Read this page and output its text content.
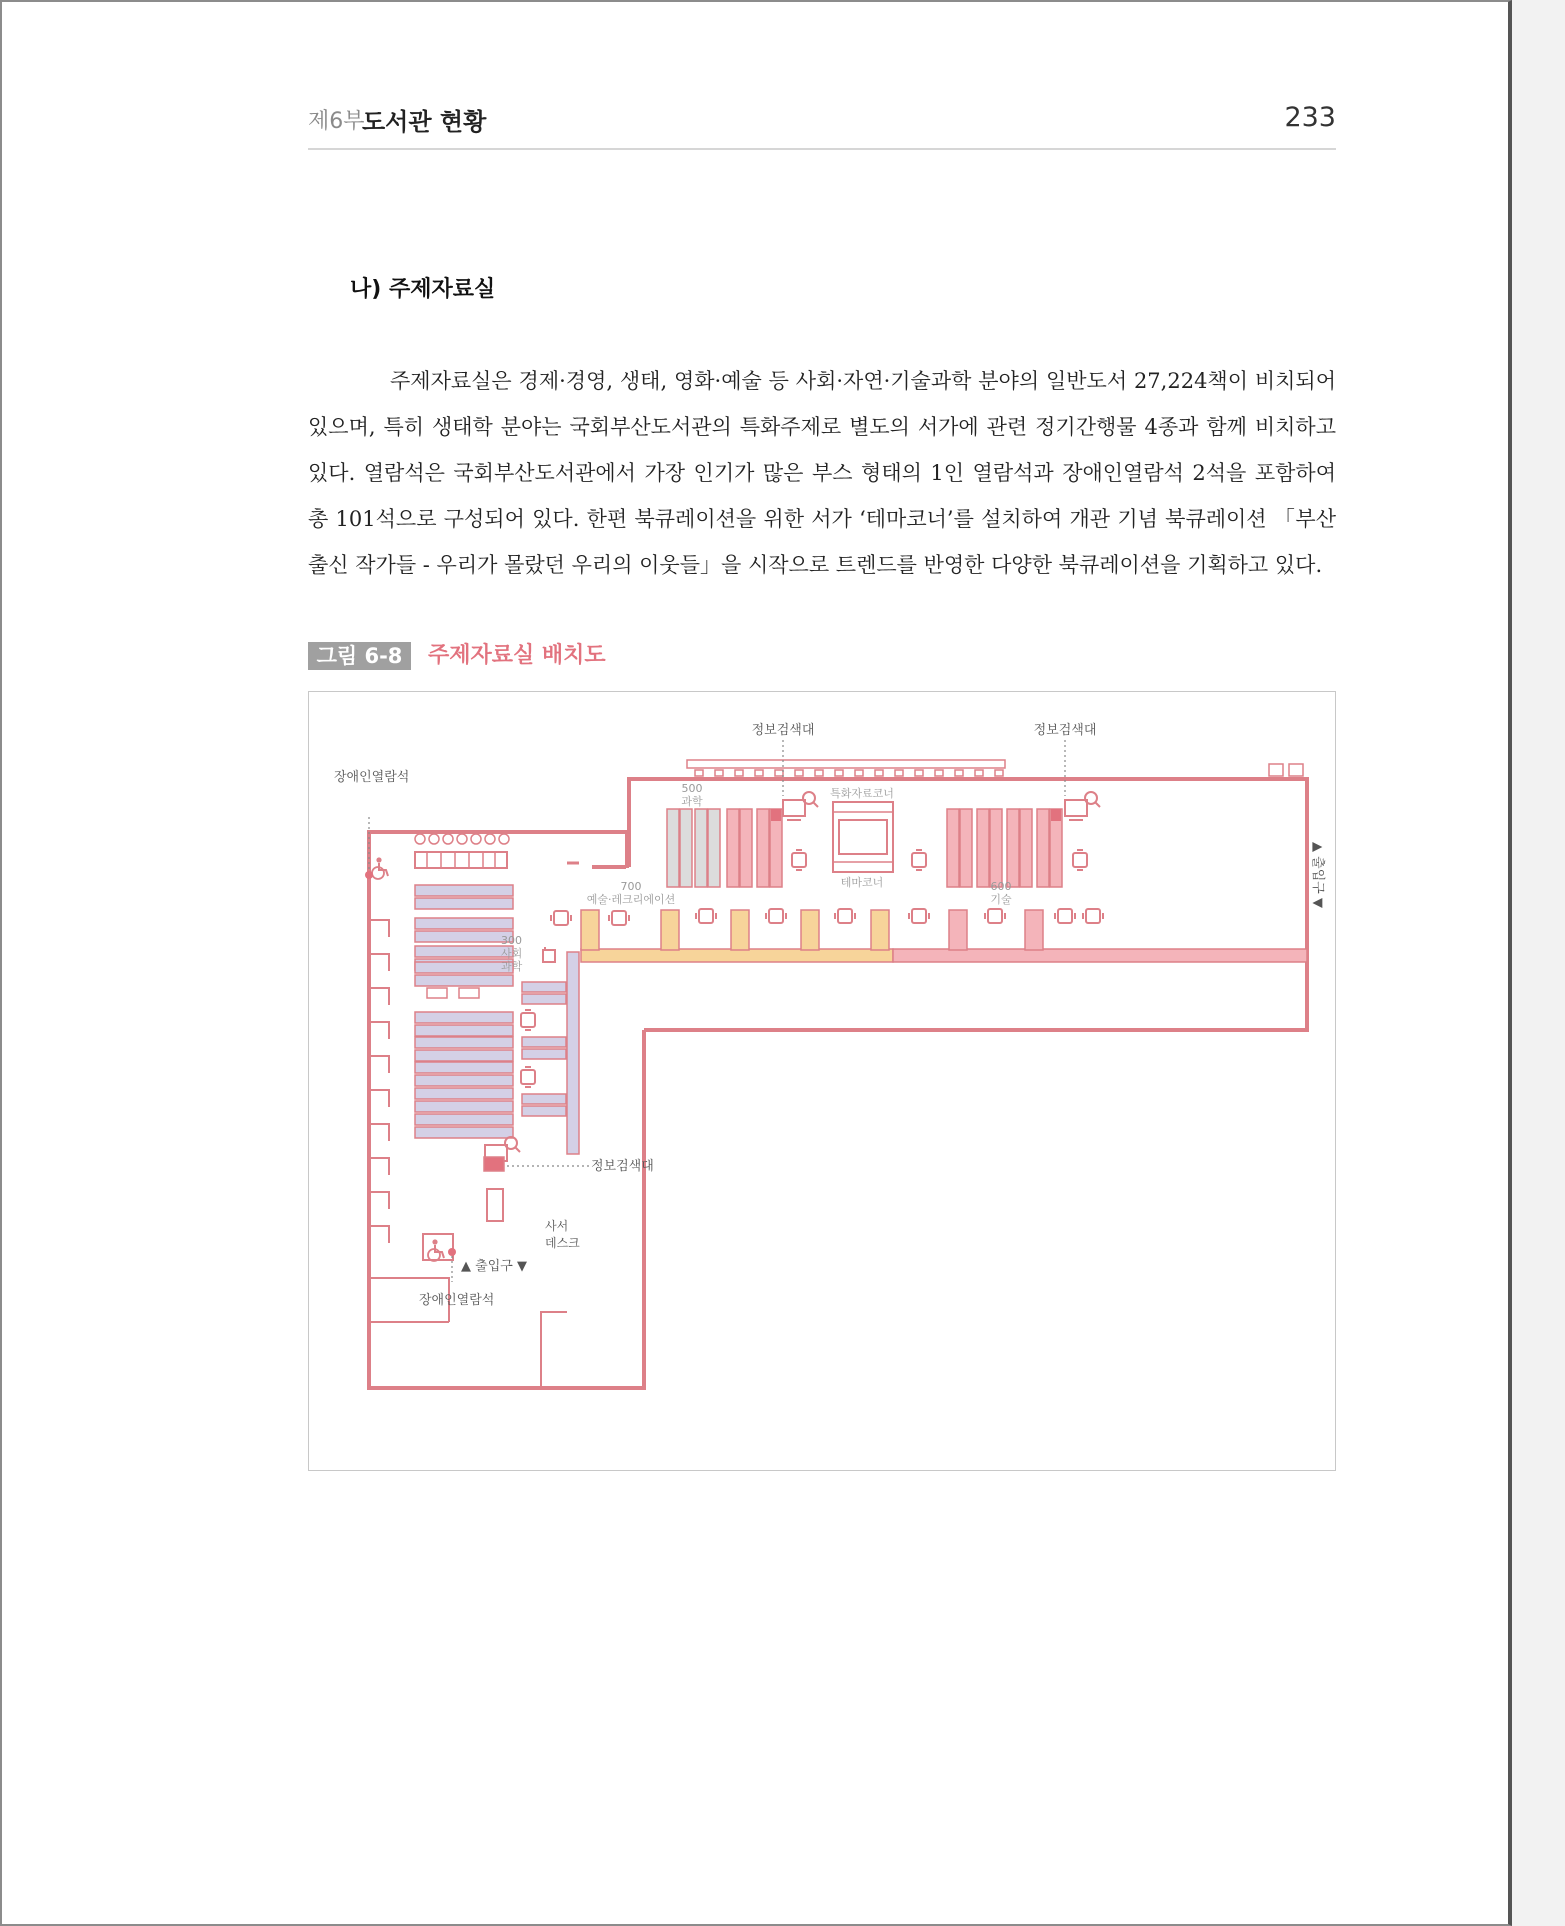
제6부
도서관 현황	233
나) 주제자료실

주제자료실은 경제·경영, 생태, 영화·예술 등 사회·자연·기술과학 분야의 일반도서 27,224책이 비치되어 있으며, 특히 생태학 분야는 국회부산도서관의 특화주제로 별도의 서가에 관련 정기간행물 4종과 함께 비치하고 있다. 열람석은 국회부산도서관에서 가장 인기가 많은 부스 형태의 1인 열람석과 장애인열람석 2석을 포함하여 총 101석으로 구성되어 있다. 한편 북큐레이션을 위한 서가 ‘테마코너’를 설치하여 개관 기념 북큐레이션 「부산 출신 작가들 - 우리가 몰랐던 우리의 이웃들」을 시작으로 트렌드를 반영한 다양한 북큐레이션을 기획하고 있다.

그림 6-8	주제자료실 배치도
사서
데스크
정보검색대	정보검색대
정보검색대
장애인열람석
장애인열람석
▲ 출입구 ▼
▲ 출입구 ▼
특화자료코너
테마코너
300
사회
과학
500
과학
600
기술
700
예술·레크리에이션
